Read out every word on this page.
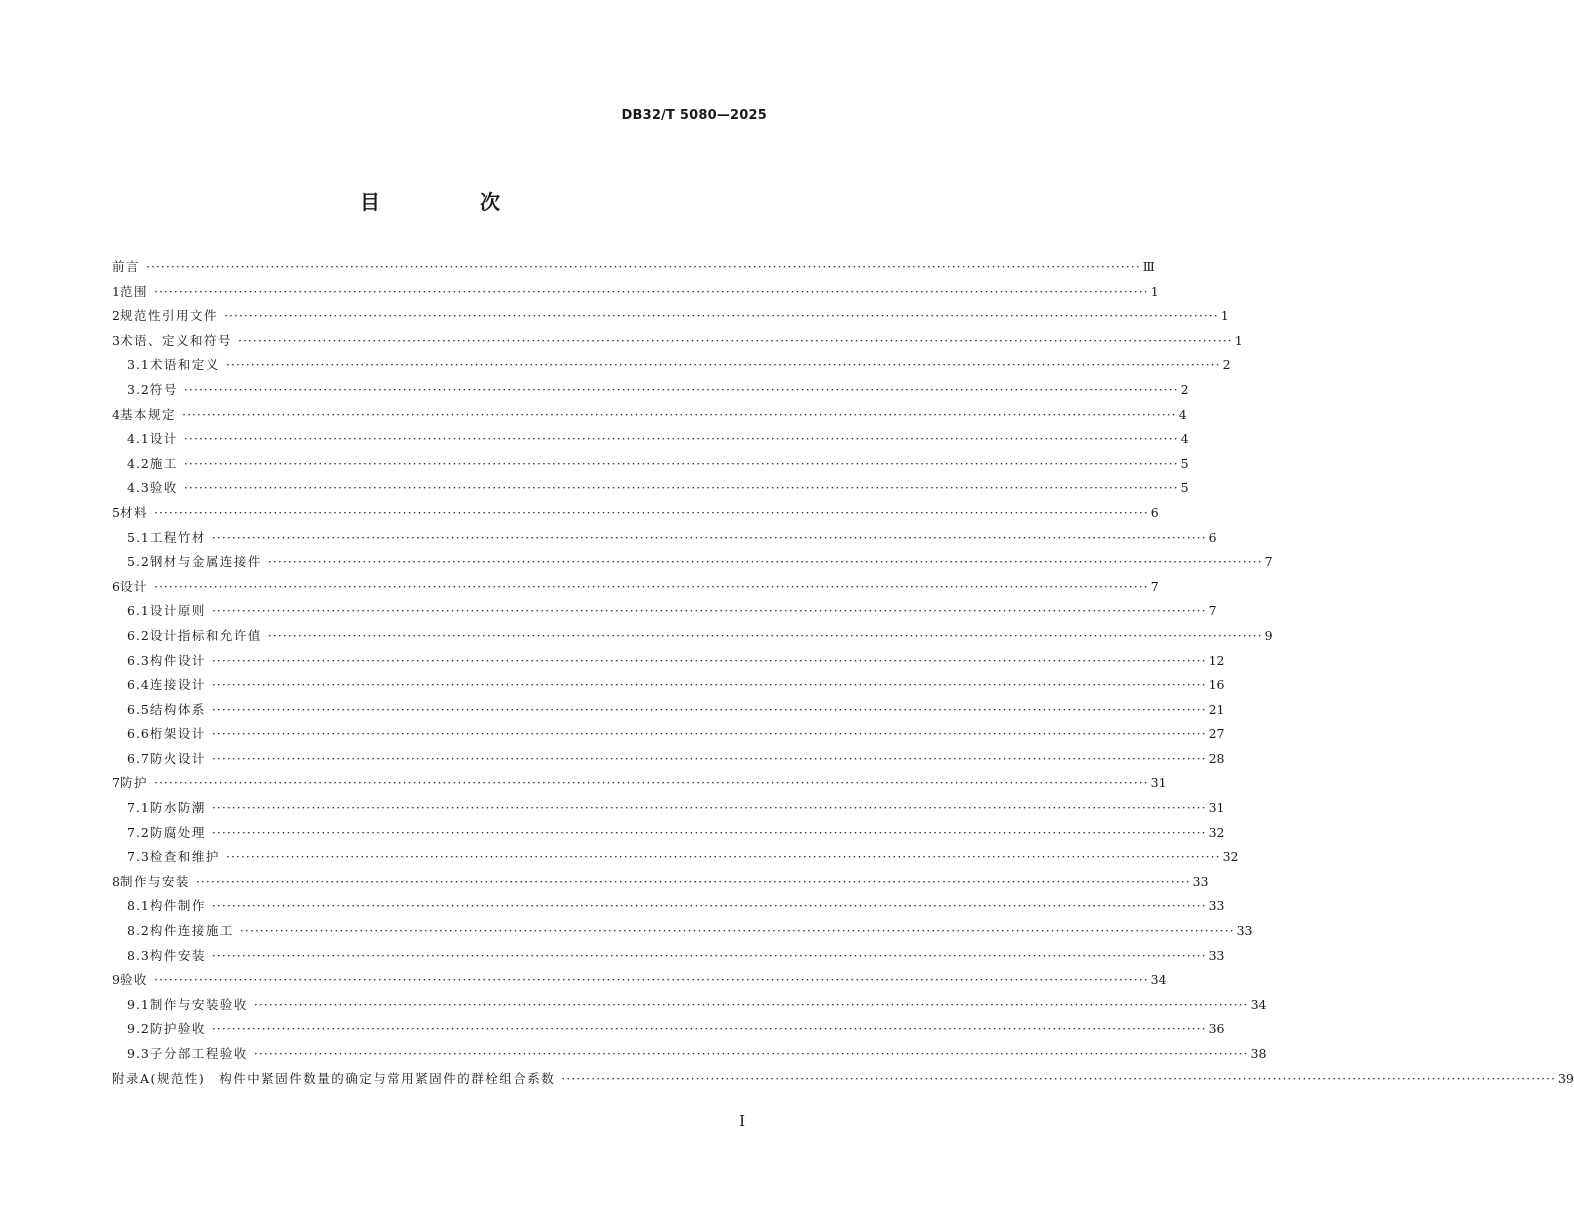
DB32/T 5080—2025
目　次
前言 ········································································································································································································ Ⅲ
1 范围 ········································································································································································································ 1
2 规范性引用文件 ········································································································································································································ 1
3 术语、定义和符号 ········································································································································································································ 1
3.1 术语和定义 ········································································································································································································ 2
3.2 符号 ········································································································································································································ 2
4 基本规定 ········································································································································································································ 4
4.1 设计 ········································································································································································································ 4
4.2 施工 ········································································································································································································ 5
4.3 验收 ········································································································································································································ 5
5 材料 ········································································································································································································ 6
5.1 工程竹材 ········································································································································································································ 6
5.2 钢材与金属连接件 ········································································································································································································ 7
6 设计 ········································································································································································································ 7
6.1 设计原则 ········································································································································································································ 7
6.2 设计指标和允许值 ········································································································································································································ 9
6.3 构件设计 ········································································································································································································ 12
6.4 连接设计 ········································································································································································································ 16
6.5 结构体系 ········································································································································································································ 21
6.6 桁架设计 ········································································································································································································ 27
6.7 防火设计 ········································································································································································································ 28
7 防护 ········································································································································································································ 31
7.1 防水防潮 ········································································································································································································ 31
7.2 防腐处理 ········································································································································································································ 32
7.3 检查和维护 ········································································································································································································ 32
8 制作与安装 ········································································································································································································ 33
8.1 构件制作 ········································································································································································································ 33
8.2 构件连接施工 ········································································································································································································ 33
8.3 构件安装 ········································································································································································································ 33
9 验收 ········································································································································································································ 34
9.1 制作与安装验收 ········································································································································································································ 34
9.2 防护验收 ········································································································································································································ 36
9.3 子分部工程验收 ········································································································································································································ 38
附录A(规范性)　构件中紧固件数量的确定与常用紧固件的群栓组合系数 ········································································································································································································ 39
I
